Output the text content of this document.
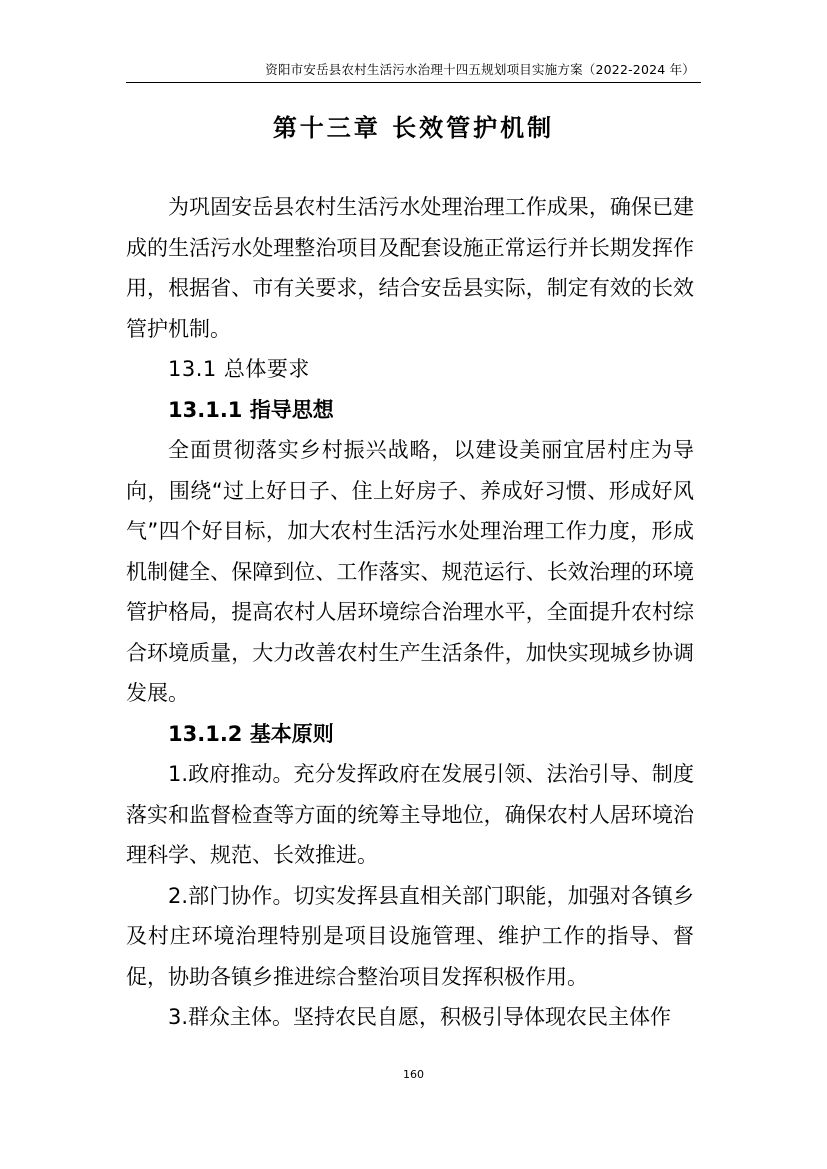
资阳市安岳县农村生活污水治理十四五规划项目实施方案（2022-2024 年）
第十三章 长效管护机制

为巩固安岳县农村生活污水处理治理工作成果，确保已建成的生活污水处理整治项目及配套设施正常运行并长期发挥作用，根据省、市有关要求，结合安岳县实际，制定有效的长效管护机制。

13.1 总体要求

13.1.1 指导思想

全面贯彻落实乡村振兴战略，以建设美丽宜居村庄为导向，围绕“过上好日子、住上好房子、养成好习惯、形成好风气”四个好目标，加大农村生活污水处理治理工作力度，形成机制健全、保障到位、工作落实、规范运行、长效治理的环境管护格局，提高农村人居环境综合治理水平，全面提升农村综合环境质量，大力改善农村生产生活条件，加快实现城乡协调发展。

13.1.2 基本原则

1.政府推动。充分发挥政府在发展引领、法治引导、制度落实和监督检查等方面的统筹主导地位，确保农村人居环境治理科学、规范、长效推进。

2.部门协作。切实发挥县直相关部门职能，加强对各镇乡及村庄环境治理特别是项目设施管理、维护工作的指导、督促，协助各镇乡推进综合整治项目发挥积极作用。

3.群众主体。坚持农民自愿，积极引导体现农民主体作

160
